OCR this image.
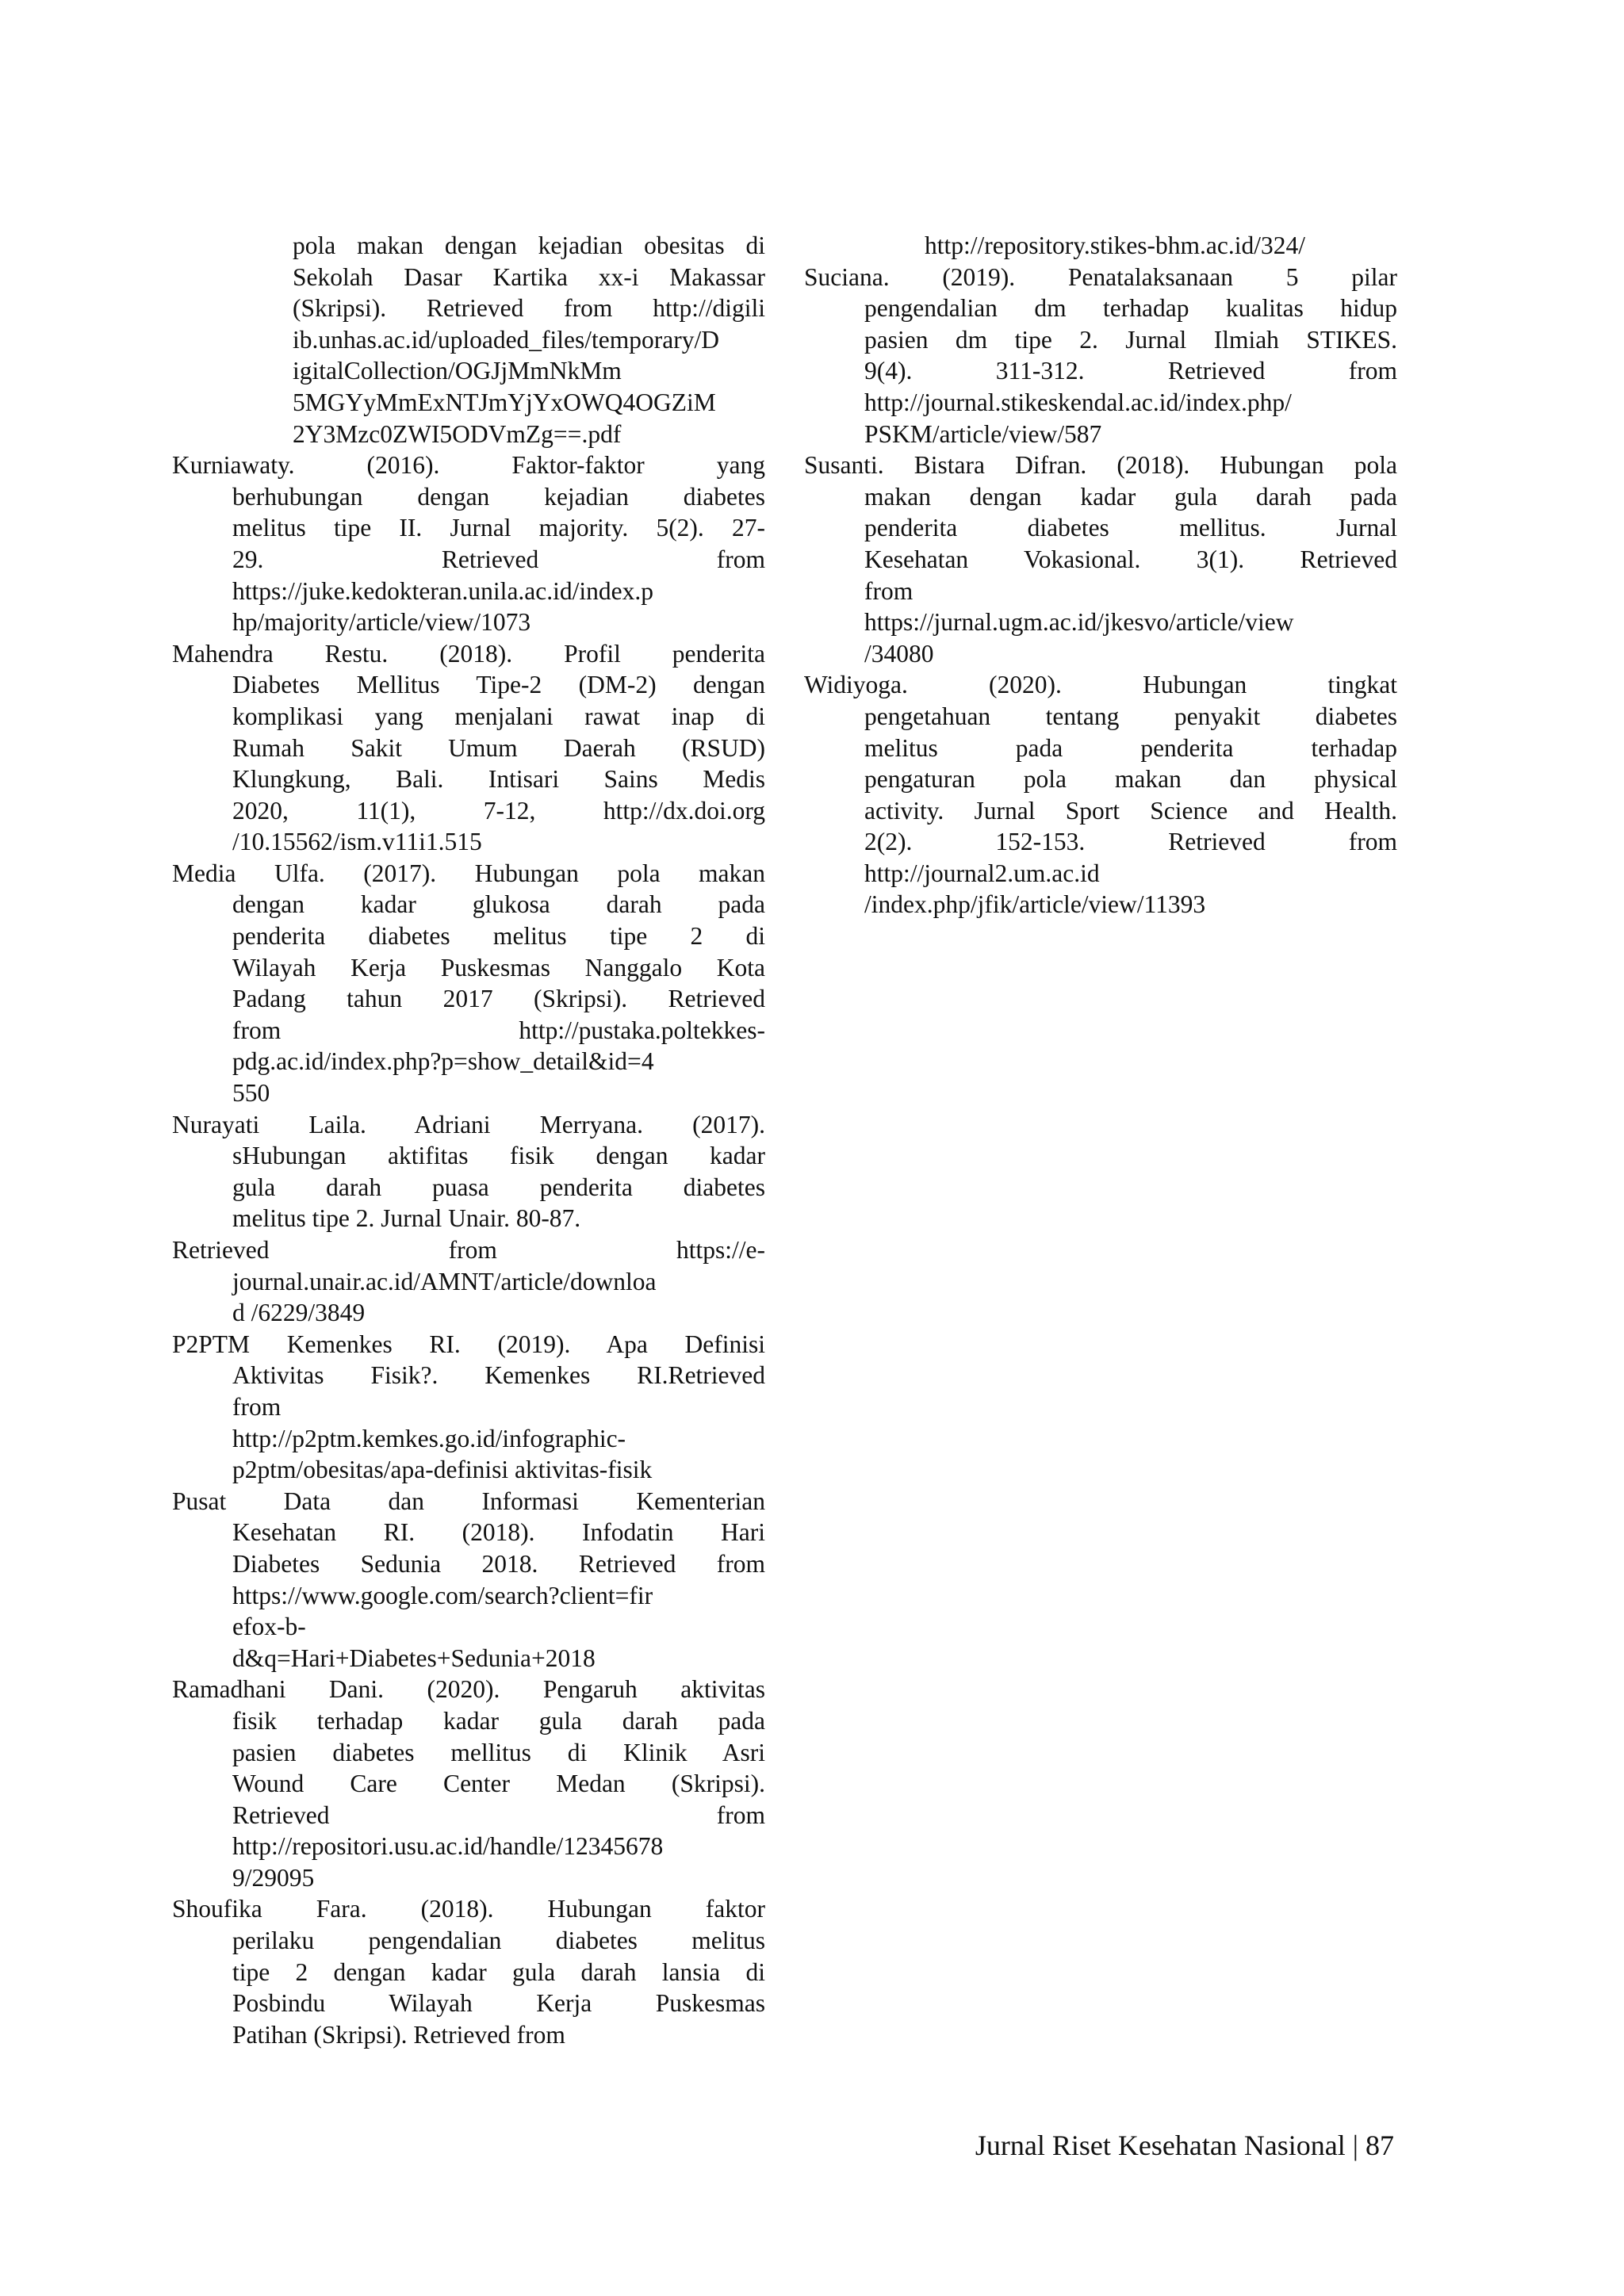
pola makan dengan kejadian obesitas di
Sekolah Dasar Kartika xx-i Makassar
(Skripsi). Retrieved from http://digili
ib.unhas.ac.id/uploaded_files/temporary/D
igitalCollection/OGJjMmNkMm
5MGYyMmExNTJmYjYxOWQ4OGZiM
2Y3Mzc0ZWI5ODVmZg==.pdf
Kurniawaty. (2016). Faktor-faktor yang
berhubungan dengan kejadian diabetes
melitus tipe II. Jurnal majority. 5(2). 27-
29. Retrieved from
https://juke.kedokteran.unila.ac.id/index.p
hp/majority/article/view/1073
Mahendra Restu. (2018). Profil penderita
Diabetes Mellitus Tipe-2 (DM-2) dengan
komplikasi yang menjalani rawat inap di
Rumah Sakit Umum Daerah (RSUD)
Klungkung, Bali. Intisari Sains Medis
2020, 11(1), 7-12, http://dx.doi.org
/10.15562/ism.v11i1.515
Media Ulfa. (2017). Hubungan pola makan
dengan kadar glukosa darah pada
penderita diabetes melitus tipe 2 di
Wilayah Kerja Puskesmas Nanggalo Kota
Padang tahun 2017 (Skripsi). Retrieved
from http://pustaka.poltekkes-
pdg.ac.id/index.php?p=show_detail&id=4
550
Nurayati Laila. Adriani Merryana. (2017).
sHubungan aktifitas fisik dengan kadar
gula darah puasa penderita diabetes
melitus tipe 2. Jurnal Unair. 80-87.
Retrieved from https://e-
journal.unair.ac.id/AMNT/article/downloa
d /6229/3849
P2PTM Kemenkes RI. (2019). Apa Definisi
Aktivitas Fisik?. Kemenkes RI.Retrieved
from
http://p2ptm.kemkes.go.id/infographic-
p2ptm/obesitas/apa-definisi aktivitas-fisik
Pusat Data dan Informasi Kementerian
Kesehatan RI. (2018). Infodatin Hari
Diabetes Sedunia 2018. Retrieved from
https://www.google.com/search?client=fir
efox-b-
d&q=Hari+Diabetes+Sedunia+2018
Ramadhani Dani. (2020). Pengaruh aktivitas
fisik terhadap kadar gula darah pada
pasien diabetes mellitus di Klinik Asri
Wound Care Center Medan (Skripsi).
Retrieved from
http://repositori.usu.ac.id/handle/12345678
9/29095
Shoufika Fara. (2018). Hubungan faktor
perilaku pengendalian diabetes melitus
tipe 2 dengan kadar gula darah lansia di
Posbindu Wilayah Kerja Puskesmas
Patihan (Skripsi). Retrieved from
http://repository.stikes-bhm.ac.id/324/
Suciana. (2019). Penatalaksanaan 5 pilar
pengendalian dm terhadap kualitas hidup
pasien dm tipe 2. Jurnal Ilmiah STIKES.
9(4). 311-312. Retrieved from
http://journal.stikeskendal.ac.id/index.php/
PSKM/article/view/587
Susanti. Bistara Difran. (2018). Hubungan pola
makan dengan kadar gula darah pada
penderita diabetes mellitus. Jurnal
Kesehatan Vokasional. 3(1). Retrieved
from
https://jurnal.ugm.ac.id/jkesvo/article/view
/34080
Widiyoga. (2020). Hubungan tingkat
pengetahuan tentang penyakit diabetes
melitus pada penderita terhadap
pengaturan pola makan dan physical
activity. Jurnal Sport Science and Health.
2(2). 152-153. Retrieved from
http://journal2.um.ac.id
/index.php/jfik/article/view/11393
Jurnal Riset Kesehatan Nasional | 87
